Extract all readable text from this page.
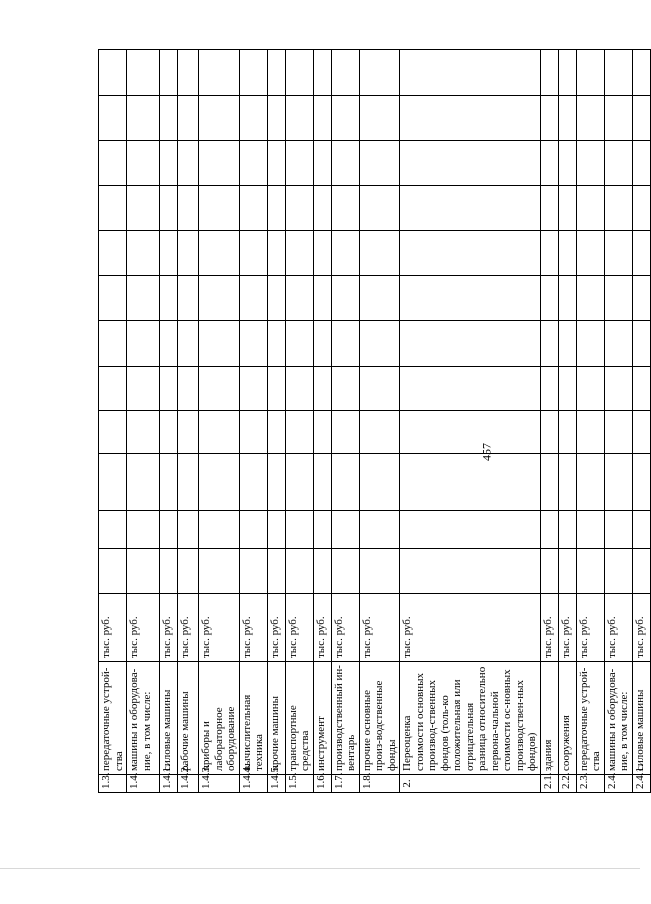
457
1.3.	передаточные устрой-ства	тыс. руб.												
1.4.	машины и оборудова-ние, в том числе:	тыс. руб.												
1.4.1.	силовые машины	тыс. руб.												
1.4.2.	рабочие машины	тыс. руб.												
1.4.3.	приборы и лабораторное оборудование	тыс. руб.												
1.4.4.	вычислительная техника	тыс. руб.												
1.4.5.	прочие машины	тыс. руб.												
1.5.	транспортные средства	тыс. руб.												
1.6.	инструмент	тыс. руб.												
1.7.	производственный ин-вентарь	тыс. руб.												
1.8.	прочие основные произ-водственные фонды	тыс. руб.												
2.	Переоценка стоимости основных производ-ственных фондов (толь-ко положительная или отрицательная разница относительно первона-чальной стоимости ос-новных производствен-ных фондов)	тыс. руб.												
2.1.	здания	тыс. руб.												
2.2.	сооружения	тыс. руб.												
2.3.	передаточные устрой-ства	тыс. руб.												
2.4.	машины и оборудова-ние, в том числе:	тыс. руб.												
2.4.1.	силовые машины	тыс. руб.												
